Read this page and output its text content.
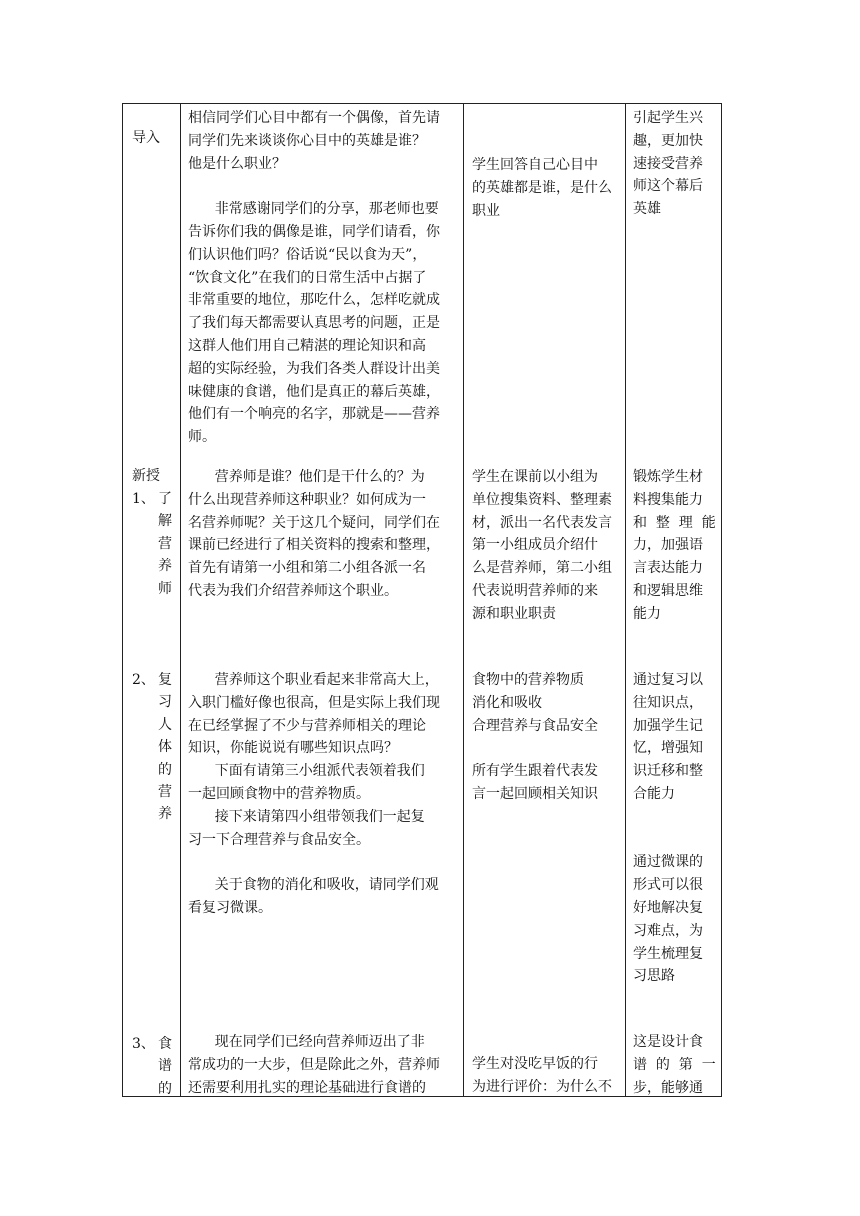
导入
相信同学们心目中都有一个偶像，首先请
同学们先来谈谈你心目中的英雄是谁？
他是什么职业？

非常感谢同学们的分享，那老师也要
告诉你们我的偶像是谁，同学们请看，你
们认识他们吗？俗话说“民以食为天”，
“饮食文化”在我们的日常生活中占据了
非常重要的地位，那吃什么，怎样吃就成
了我们每天都需要认真思考的问题，正是
这群人他们用自己精湛的理论知识和高
超的实际经验，为我们各类人群设计出美
味健康的食谱，他们是真正的幕后英雄，
他们有一个响亮的名字，那就是——营养
师。
学生回答自己心目中
的英雄都是谁，是什么
职业
引起学生兴
趣，更加快
速接受营养
师这个幕后
英雄
新授
1、 了解营养师
营养师是谁？他们是干什么的？为
什么出现营养师这种职业？如何成为一
名营养师呢？关于这几个疑问，同学们在
课前已经进行了相关资料的搜索和整理，
首先有请第一小组和第二小组各派一名
代表为我们介绍营养师这个职业。
学生在课前以小组为
单位搜集资料、整理素
材，派出一名代表发言
第一小组成员介绍什
么是营养师，第二小组
代表说明营养师的来
源和职业职责
锻炼学生材
料搜集能力
和  整  理  能
力，加强语
言表达能力
和逻辑思维
能力
2、 复习人体的营养
营养师这个职业看起来非常高大上，
入职门槛好像也很高，但是实际上我们现
在已经掌握了不少与营养师相关的理论
知识，你能说说有哪些知识点吗？
下面有请第三小组派代表领着我们
一起回顾食物中的营养物质。
接下来请第四小组带领我们一起复
习一下合理营养与食品安全。

关于食物的消化和吸收，请同学们观
看复习微课。
食物中的营养物质
消化和吸收
合理营养与食品安全

所有学生跟着代表发
言一起回顾相关知识
通过复习以
往知识点，
加强学生记
忆，增强知
识迁移和整
合能力

通过微课的
形式可以很
好地解决复
习难点，为
学生梳理复
习思路
3、 食谱的
现在同学们已经向营养师迈出了非
常成功的一大步，但是除此之外，营养师
还需要利用扎实的理论基础进行食谱的
学生对没吃早饭的行
为进行评价：为什么不
这是设计食
谱  的  第  一
步，能够通
